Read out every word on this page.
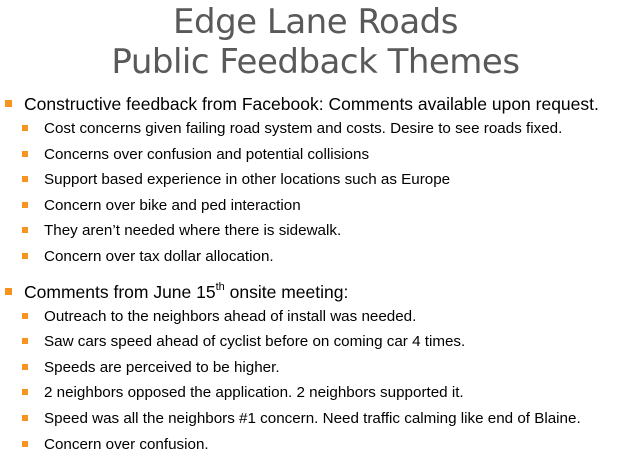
Edge Lane Roads
Public Feedback Themes
Constructive feedback from Facebook: Comments available upon request.
Cost concerns given failing road system and costs. Desire to see roads fixed.
Concerns over confusion and potential collisions
Support based experience in other locations such as Europe
Concern over bike and ped interaction
They aren’t needed where there is sidewalk.
Concern over tax dollar allocation.
Comments from June 15th onsite meeting:
Outreach to the neighbors ahead of install was needed.
Saw cars speed ahead of cyclist before on coming car 4 times.
Speeds are perceived to be higher.
2 neighbors opposed the application. 2 neighbors supported it.
Speed was all the neighbors #1 concern. Need traffic calming like end of Blaine.
Concern over confusion.
